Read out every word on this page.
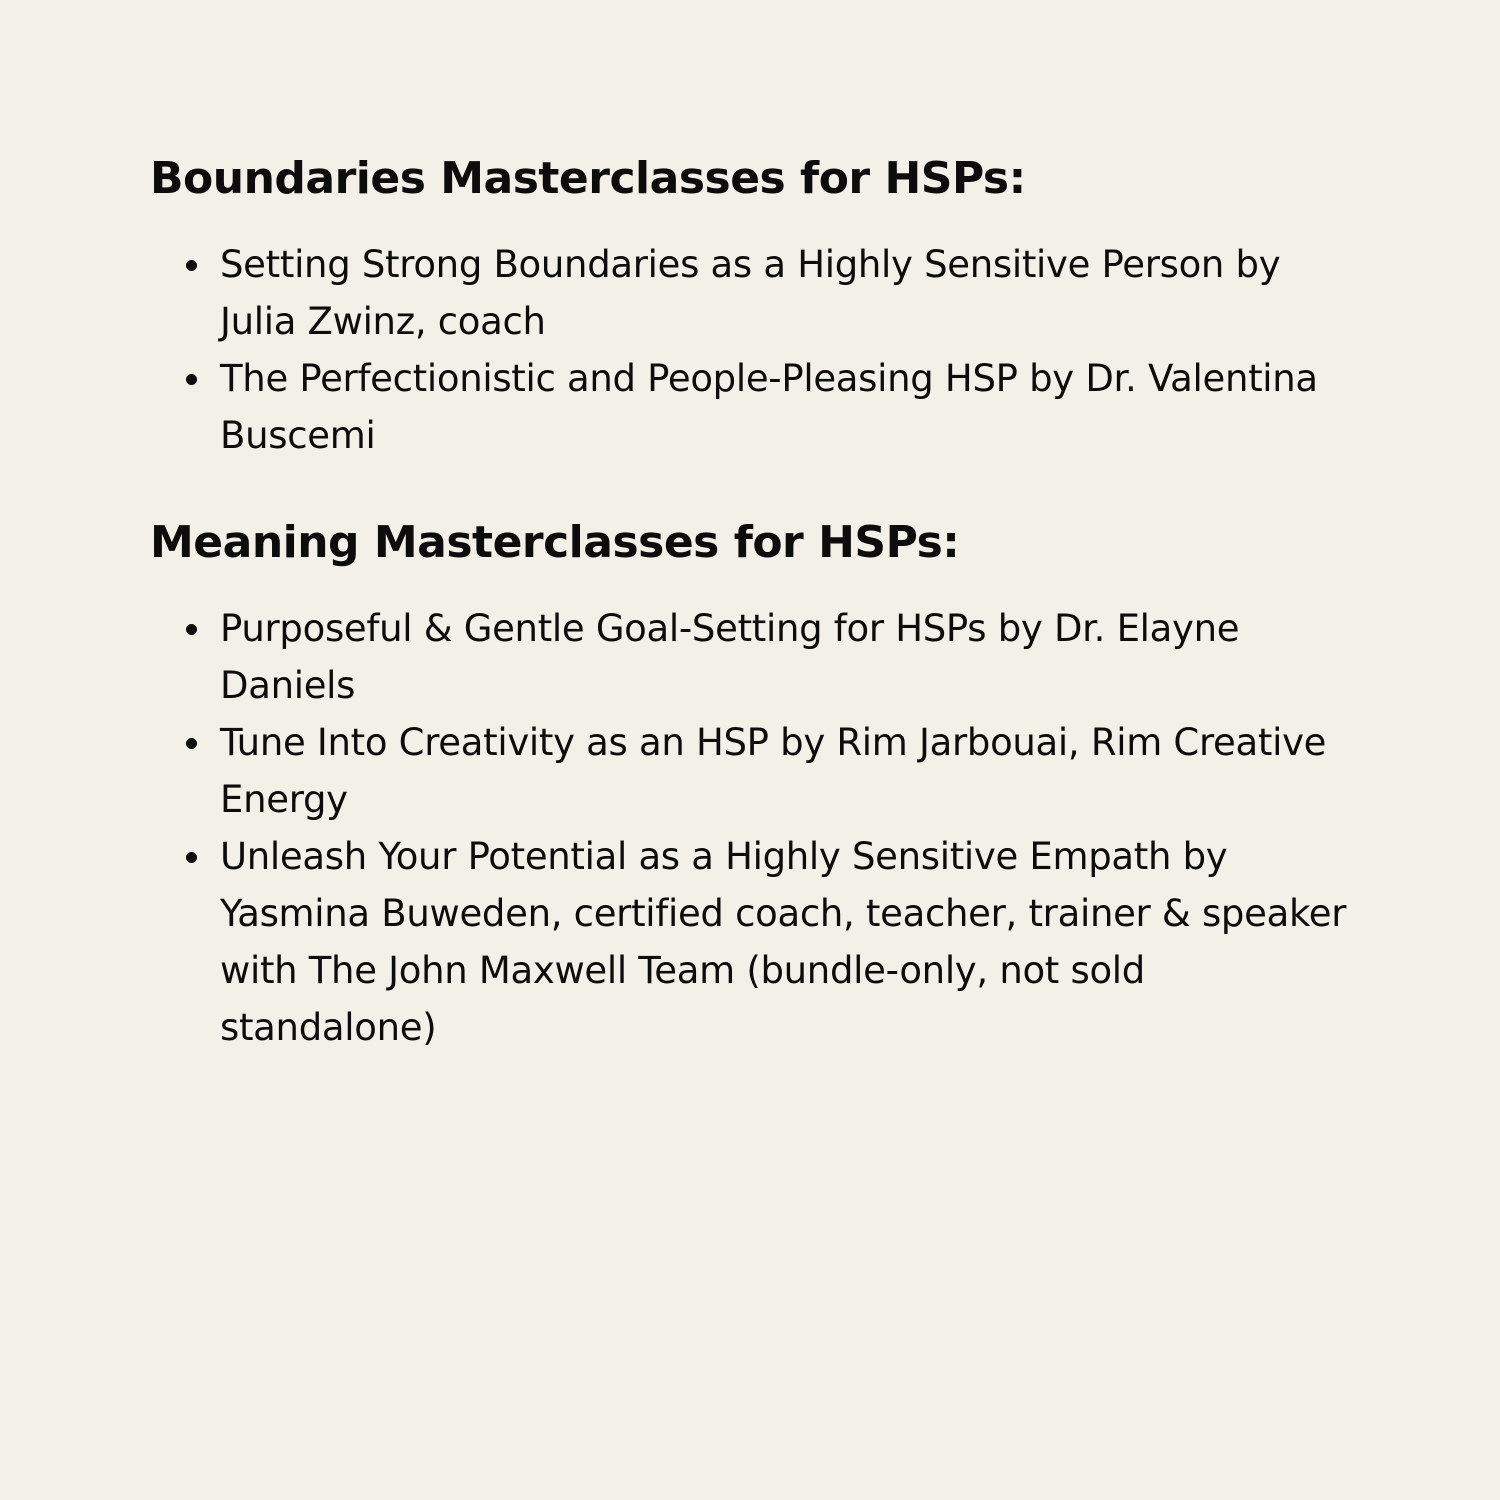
Boundaries Masterclasses for HSPs:
Setting Strong Boundaries as a Highly Sensitive Person by Julia Zwinz, coach
The Perfectionistic and People-Pleasing HSP by Dr. Valentina Buscemi
Meaning Masterclasses for HSPs:
Purposeful & Gentle Goal-Setting for HSPs by Dr. Elayne Daniels
Tune Into Creativity as an HSP by Rim Jarbouai, Rim Creative Energy
Unleash Your Potential as a Highly Sensitive Empath by Yasmina Buweden, certified coach, teacher, trainer & speaker with The John Maxwell Team (bundle-only, not sold standalone)
